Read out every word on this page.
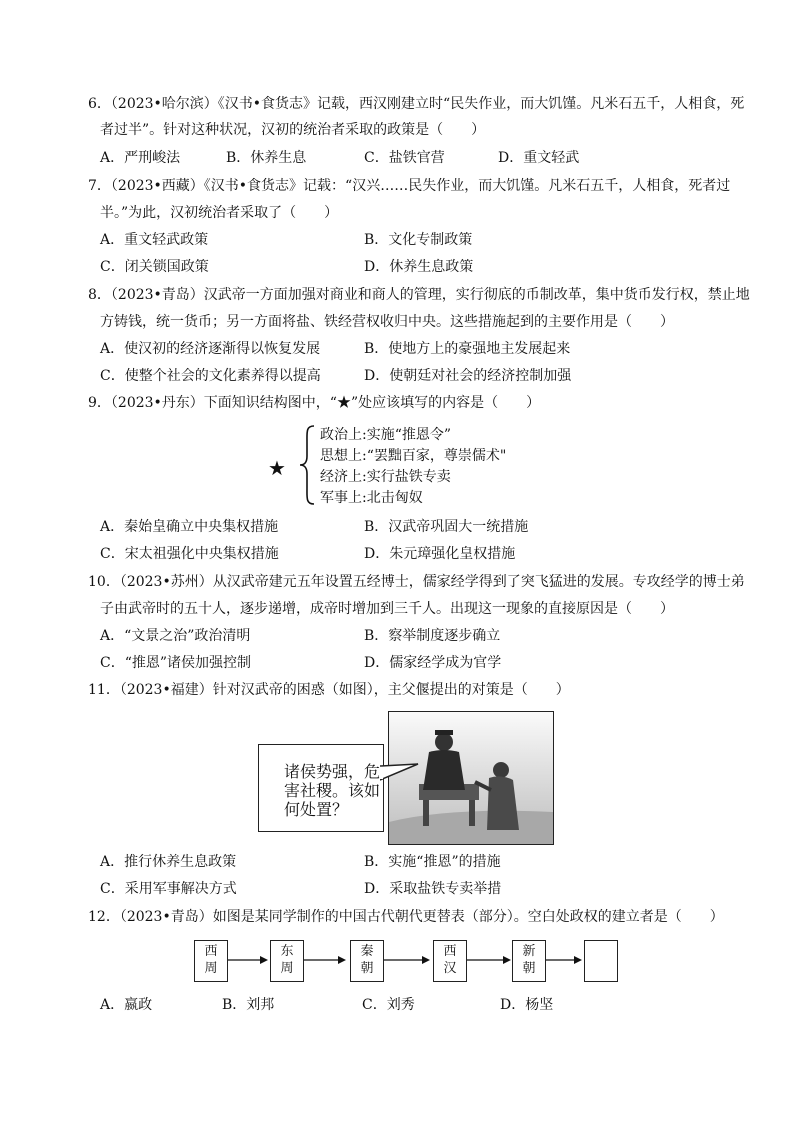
6．（2023•哈尔滨）《汉书•食货志》记载，西汉刚建立时“民失作业，而大饥馑。凡米石五千，人相食，死
者过半”。针对这种状况，汉初的统治者采取的政策是（　　）
A．严刑峻法	B．休养生息	C．盐铁官营	D．重文轻武
7．（2023•西藏）《汉书•食货志》记载：“汉兴……民失作业，而大饥馑。凡米石五千，人相食，死者过
半。”为此，汉初统治者采取了（　　）
A．重文轻武政策	B．文化专制政策
C．闭关锁国政策	D．休养生息政策
8．（2023•青岛）汉武帝一方面加强对商业和商人的管理，实行彻底的币制改革，集中货币发行权，禁止地
方铸钱，统一货币；另一方面将盐、铁经营权收归中央。这些措施起到的主要作用是（　　）
A．使汉初的经济逐渐得以恢复发展	B．使地方上的豪强地主发展起来
C．使整个社会的文化素养得以提高	D．使朝廷对社会的经济控制加强
9．（2023•丹东）下面知识结构图中，“★”处应该填写的内容是（　　）
★
政治上:实施“推恩令”
思想上:“罢黜百家，尊崇儒术"
经济上:实行盐铁专卖
军事上:北击匈奴
A．秦始皇确立中央集权措施	B．汉武帝巩固大一统措施
C．宋太祖强化中央集权措施	D．朱元璋强化皇权措施
10．（2023•苏州）从汉武帝建元五年设置五经博士，儒家经学得到了突飞猛进的发展。专攻经学的博士弟
子由武帝时的五十人，逐步递增，成帝时增加到三千人。出现这一现象的直接原因是（　　）
A．“文景之治”政治清明	B．察举制度逐步确立
C．“推恩”诸侯加强控制	D．儒家经学成为官学
11．（2023•福建）针对汉武帝的困惑（如图），主父偃提出的对策是（　　）
诸侯势强，危害社稷。该如何处置？
A．推行休养生息政策	B．实施“推恩”的措施
C．采用军事解决方式	D．采取盐铁专卖举措
12．（2023•青岛）如图是某同学制作的中国古代朝代更替表（部分）。空白处政权的建立者是（　　）
西
周
东
周
秦
朝
西
汉
新
朝
A．嬴政	B．刘邦	C．刘秀	D．杨坚
